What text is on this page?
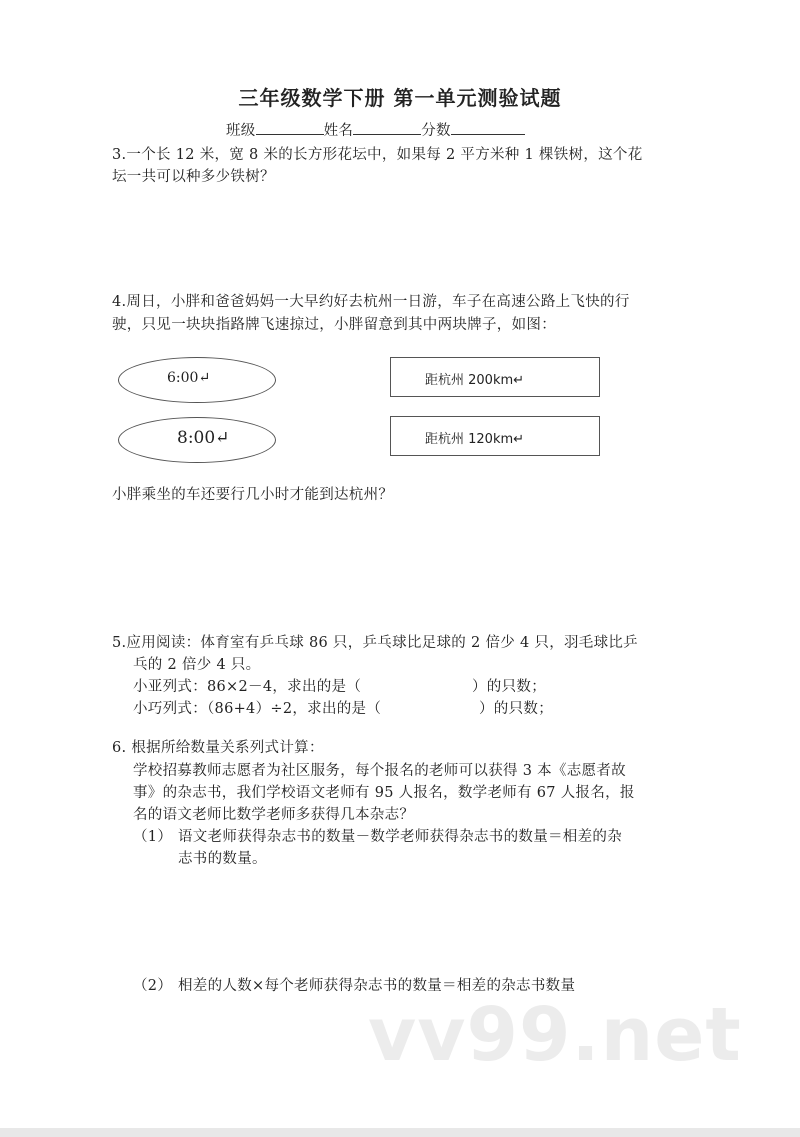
三年级数学下册 第一单元测验试题
班级	姓名	分数
3.一个长 12 米，宽 8 米的长方形花坛中，如果每 2 平方米种 1 棵铁树，这个花
坛一共可以种多少铁树？
4.周日，小胖和爸爸妈妈一大早约好去杭州一日游，车子在高速公路上飞快的行
驶，只见一块块指路牌飞速掠过，小胖留意到其中两块牌子，如图：
6:00↵
8:00↵
距杭州 200km↵
距杭州 120km↵
小胖乘坐的车还要行几小时才能到达杭州？
5.应用阅读：体育室有乒乓球 86 只，乒乓球比足球的 2 倍少 4 只，羽毛球比乒
乓的 2 倍少 4 只。
小亚列式：86×2－4，求出的是（	）的只数；
小巧列式：（86+4）÷2，求出的是（	）的只数；
6. 根据所给数量关系列式计算：
学校招募教师志愿者为社区服务，每个报名的老师可以获得 3 本《志愿者故
事》的杂志书，我们学校语文老师有 95 人报名，数学老师有 67 人报名，报
名的语文老师比数学老师多获得几本杂志？
（1） 语文老师获得杂志书的数量－数学老师获得杂志书的数量＝相差的杂
志书的数量。
（2） 相差的人数×每个老师获得杂志书的数量＝相差的杂志书数量
vv99.net
